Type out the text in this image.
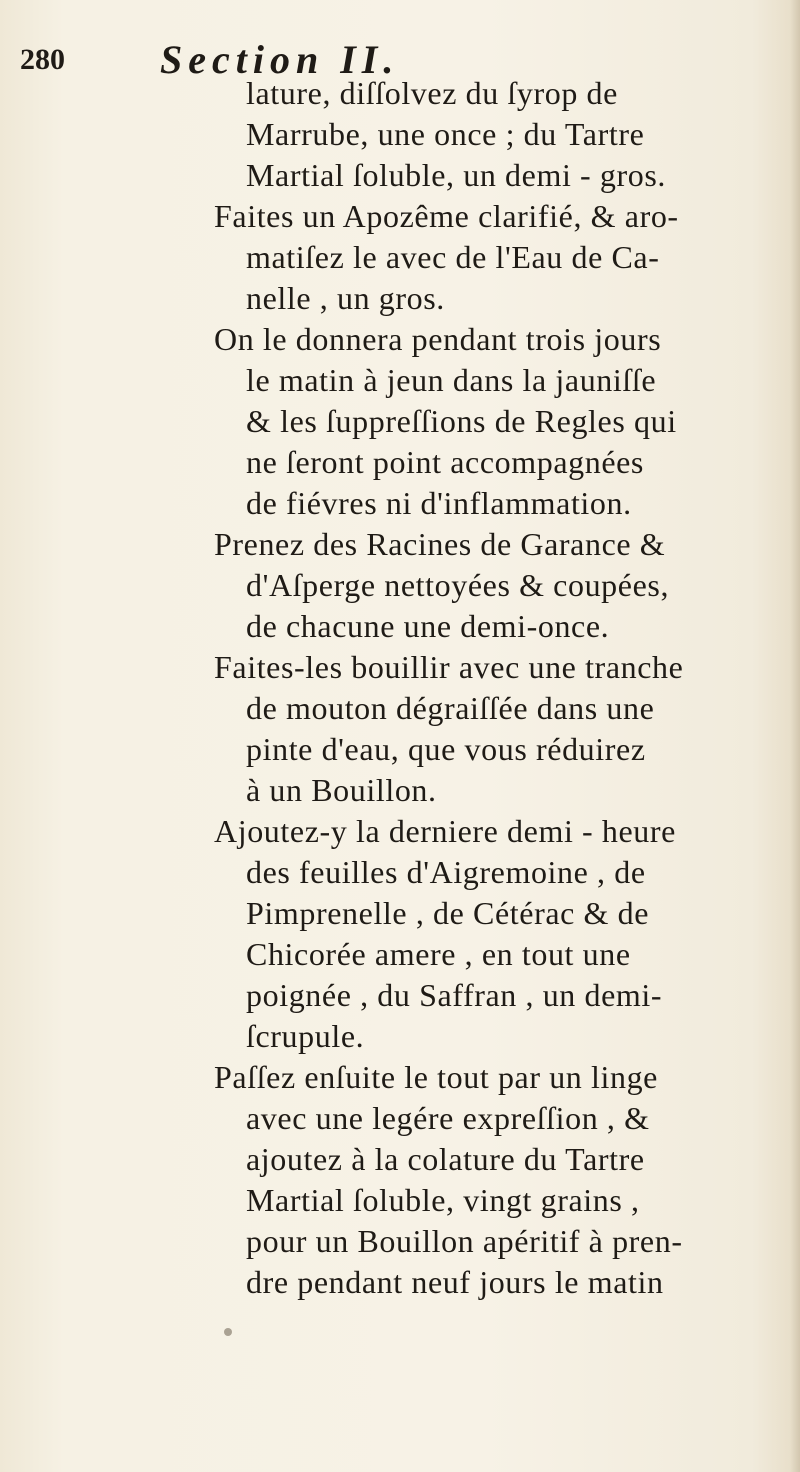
280 Section II.
lature, diſſolvez du ſyrop de
Marrube, une once ; du Tartre
Martial ſoluble, un demi - gros.
Faites un Apozême clarifié, & aro-
matiſez le avec de l'Eau de Ca-
nelle , un gros.
On le donnera pendant trois jours
le matin à jeun dans la jauniſſe
& les ſuppreſſions de Regles qui
ne ſeront point accompagnées
de fiévres ni d'inflammation.
Prenez des Racines de Garance &
d'Aſperge nettoyées & coupées,
de chacune une demi-once.
Faites-les bouillir avec une tranche
de mouton dégraiſſée dans une
pinte d'eau, que vous réduirez
à un Bouillon.
Ajoutez-y la derniere demi - heure
des feuilles d'Aigremoine , de
Pimprenelle , de Cétérac & de
Chicorée amere , en tout une
poignée , du Saffran , un demi-
ſcrupule.
Paſſez enſuite le tout par un linge
avec une legére expreſſion , &
ajoutez à la colature du Tartre
Martial ſoluble, vingt grains ,
pour un Bouillon apéritif à pren-
dre pendant neuf jours le matin
